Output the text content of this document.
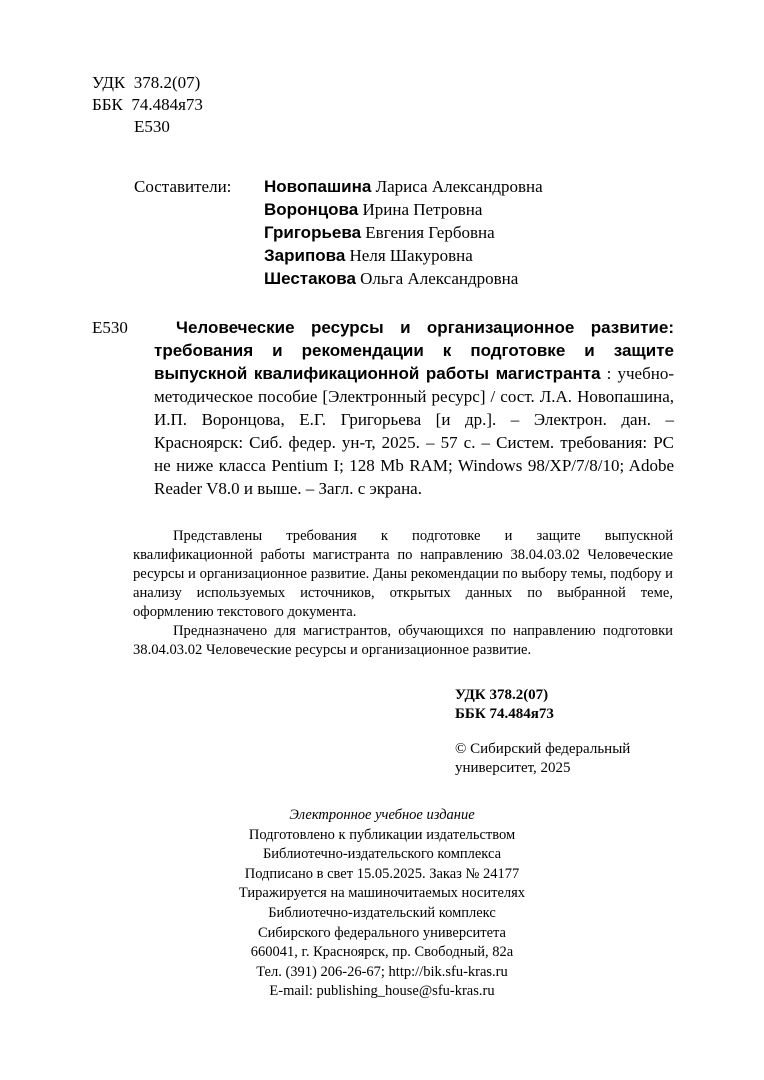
УДК  378.2(07)
ББК  74.484я73
Е530
Составители: Новопашина Лариса Александровна
Воронцова Ирина Петровна
Григорьева Евгения Гербовна
Зарипова Неля Шакуровна
Шестакова Ольга Александровна
Е530	Человеческие ресурсы и организационное развитие: требования и рекомендации к подготовке и защите выпускной квалификационной работы магистранта : учебно-методическое пособие [Электронный ресурс] / сост. Л.А. Новопашина, И.П. Воронцова, Е.Г. Григорьева [и др.]. – Электрон. дан. – Красноярск: Сиб. федер. ун-т, 2025. – 57 с. – Систем. требования: PC не ниже класса Pentium I; 128 Mb RAM; Windows 98/XP/7/8/10; Adobe Reader V8.0 и выше. – Загл. с экрана.

Представлены требования к подготовке и защите выпускной квалификационной работы магистранта по направлению 38.04.03.02 Человеческие ресурсы и организационное развитие. Даны рекомендации по выбору темы, подбору и анализу используемых источников, открытых данных по выбранной теме, оформлению текстового документа.

Предназначено для магистрантов, обучающихся по направлению подготовки 38.04.03.02 Человеческие ресурсы и организационное развитие.

УДК 378.2(07)
ББК 74.484я73
© Сибирский федеральный
университет, 2025
Электронное учебное издание
Подготовлено к публикации издательством
Библиотечно-издательского комплекса
Подписано в свет 15.05.2025. Заказ № 24177
Тиражируется на машиночитаемых носителях
Библиотечно-издательский комплекс
Сибирского федерального университета
660041, г. Красноярск, пр. Свободный, 82а
Тел. (391) 206-26-67; http://bik.sfu-kras.ru
E-mail: publishing_house@sfu-kras.ru
